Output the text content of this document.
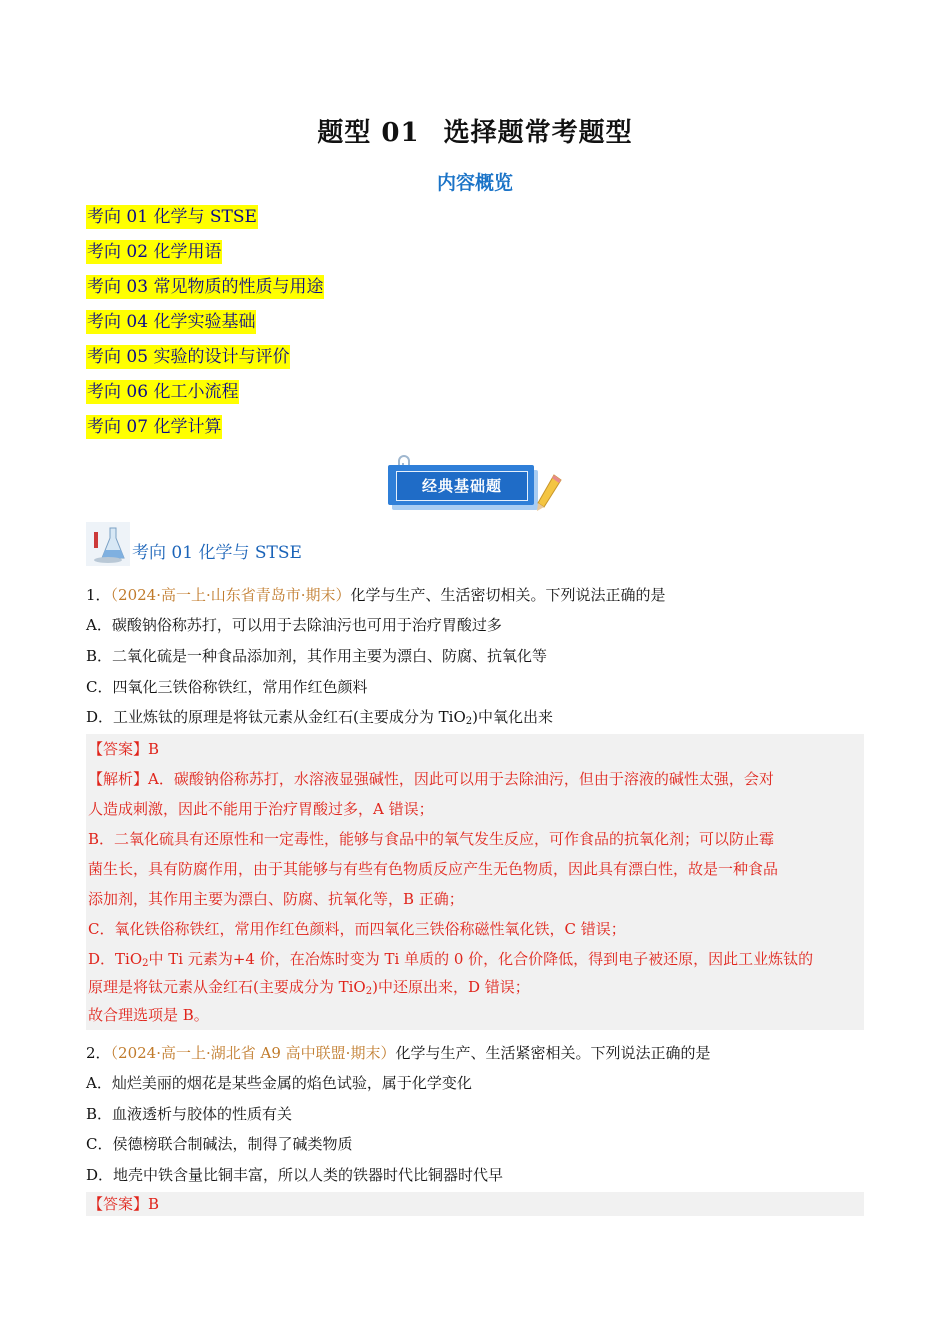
题型 01 选择题常考题型
内容概览
考向 01 化学与 STSE
考向 02 化学用语
考向 03 常见物质的性质与用途
考向 04 化学实验基础
考向 05 实验的设计与评价
考向 06 化工小流程
考向 07 化学计算
经典基础题
考向 01 化学与 STSE
1．（2024·高一上·山东省青岛市·期末）化学与生产、生活密切相关。下列说法正确的是
A．碳酸钠俗称苏打，可以用于去除油污也可用于治疗胃酸过多
B．二氧化硫是一种食品添加剂，其作用主要为漂白、防腐、抗氧化等
C．四氧化三铁俗称铁红，常用作红色颜料
D．工业炼钛的原理是将钛元素从金红石(主要成分为 TiO$_2$)中氧化出来
【答案】B
【解析】A．碳酸钠俗称苏打，水溶液显强碱性，因此可以用于去除油污，但由于溶液的碱性太强，会对
人造成刺激，因此不能用于治疗胃酸过多，A 错误；
B．二氧化硫具有还原性和一定毒性，能够与食品中的氧气发生反应，可作食品的抗氧化剂；可以防止霉
菌生长，具有防腐作用，由于其能够与有些有色物质反应产生无色物质，因此具有漂白性，故是一种食品
添加剂，其作用主要为漂白、防腐、抗氧化等，B 正确；
C．氧化铁俗称铁红，常用作红色颜料，而四氧化三铁俗称磁性氧化铁，C 错误；
D．TiO$_2$中 Ti 元素为+4 价，在冶炼时变为 Ti 单质的 0 价，化合价降低，得到电子被还原，因此工业炼钛的
原理是将钛元素从金红石(主要成分为 TiO$_2$)中还原出来，D 错误；
故合理选项是 B。
2．（2024·高一上·湖北省 A9 高中联盟·期末）化学与生产、生活紧密相关。下列说法正确的是
A．灿烂美丽的烟花是某些金属的焰色试验，属于化学变化
B．血液透析与胶体的性质有关
C．侯德榜联合制碱法，制得了碱类物质
D．地壳中铁含量比铜丰富，所以人类的铁器时代比铜器时代早
【答案】B
